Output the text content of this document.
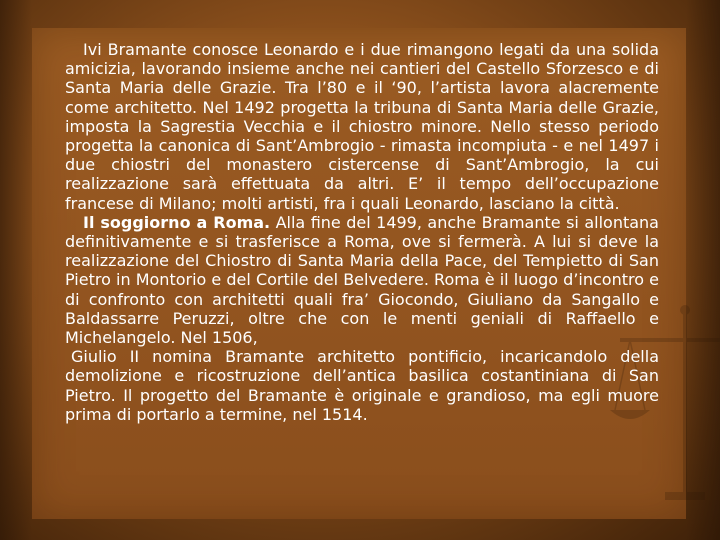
Ivi Bramante conosce Leonardo e i due rimangono legati da una solida amicizia, lavorando insieme anche nei cantieri del Castello Sforzesco e di Santa Maria delle Grazie. Tra l’80 e il ‘90, l’artista lavora alacremente come architetto. Nel 1492 progetta la tribuna di Santa Maria delle Grazie, imposta la Sagrestia Vecchia e il chiostro minore. Nello stesso periodo progetta la canonica di Sant’Ambrogio - rimasta incompiuta - e nel 1497 i due chiostri del monastero cistercense di Sant’Ambrogio, la cui realizzazione sarà effettuata da altri. E’ il tempo dell’occupazione francese di Milano; molti artisti, fra i quali Leonardo, lasciano la città.

Il soggiorno a Roma. Alla fine del 1499, anche Bramante si allontana definitivamente e si trasferisce a Roma, ove si fermerà. A lui si deve la realizzazione del Chiostro di Santa Maria della Pace, del Tempietto di San Pietro in Montorio e del Cortile del Belvedere. Roma è il luogo d’incontro e di confronto con architetti quali fra’ Giocondo, Giuliano da Sangallo e Baldassarre Peruzzi, oltre che con le menti geniali di Raffaello e Michelangelo. Nel 1506,

Giulio II nomina Bramante architetto pontificio, incaricandolo della demolizione e ricostruzione dell’antica basilica costantiniana di San Pietro. Il progetto del Bramante è originale e grandioso, ma egli muore prima di portarlo a termine, nel 1514.
